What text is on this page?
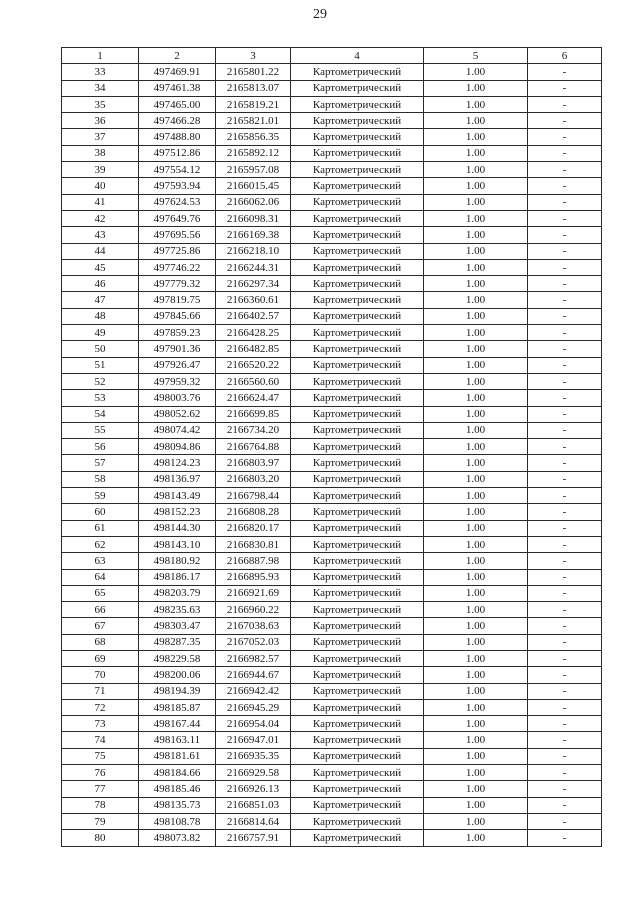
29
1	2	3	4	5	6
33	497469.91	2165801.22	Картометрический	1.00	-
34	497461.38	2165813.07	Картометрический	1.00	-
35	497465.00	2165819.21	Картометрический	1.00	-
36	497466.28	2165821.01	Картометрический	1.00	-
37	497488.80	2165856.35	Картометрический	1.00	-
38	497512.86	2165892.12	Картометрический	1.00	-
39	497554.12	2165957.08	Картометрический	1.00	-
40	497593.94	2166015.45	Картометрический	1.00	-
41	497624.53	2166062.06	Картометрический	1.00	-
42	497649.76	2166098.31	Картометрический	1.00	-
43	497695.56	2166169.38	Картометрический	1.00	-
44	497725.86	2166218.10	Картометрический	1.00	-
45	497746.22	2166244.31	Картометрический	1.00	-
46	497779.32	2166297.34	Картометрический	1.00	-
47	497819.75	2166360.61	Картометрический	1.00	-
48	497845.66	2166402.57	Картометрический	1.00	-
49	497859.23	2166428.25	Картометрический	1.00	-
50	497901.36	2166482.85	Картометрический	1.00	-
51	497926.47	2166520.22	Картометрический	1.00	-
52	497959.32	2166560.60	Картометрический	1.00	-
53	498003.76	2166624.47	Картометрический	1.00	-
54	498052.62	2166699.85	Картометрический	1.00	-
55	498074.42	2166734.20	Картометрический	1.00	-
56	498094.86	2166764.88	Картометрический	1.00	-
57	498124.23	2166803.97	Картометрический	1.00	-
58	498136.97	2166803.20	Картометрический	1.00	-
59	498143.49	2166798.44	Картометрический	1.00	-
60	498152.23	2166808.28	Картометрический	1.00	-
61	498144.30	2166820.17	Картометрический	1.00	-
62	498143.10	2166830.81	Картометрический	1.00	-
63	498180.92	2166887.98	Картометрический	1.00	-
64	498186.17	2166895.93	Картометрический	1.00	-
65	498203.79	2166921.69	Картометрический	1.00	-
66	498235.63	2166960.22	Картометрический	1.00	-
67	498303.47	2167038.63	Картометрический	1.00	-
68	498287.35	2167052.03	Картометрический	1.00	-
69	498229.58	2166982.57	Картометрический	1.00	-
70	498200.06	2166944.67	Картометрический	1.00	-
71	498194.39	2166942.42	Картометрический	1.00	-
72	498185.87	2166945.29	Картометрический	1.00	-
73	498167.44	2166954.04	Картометрический	1.00	-
74	498163.11	2166947.01	Картометрический	1.00	-
75	498181.61	2166935.35	Картометрический	1.00	-
76	498184.66	2166929.58	Картометрический	1.00	-
77	498185.46	2166926.13	Картометрический	1.00	-
78	498135.73	2166851.03	Картометрический	1.00	-
79	498108.78	2166814.64	Картометрический	1.00	-
80	498073.82	2166757.91	Картометрический	1.00	-
